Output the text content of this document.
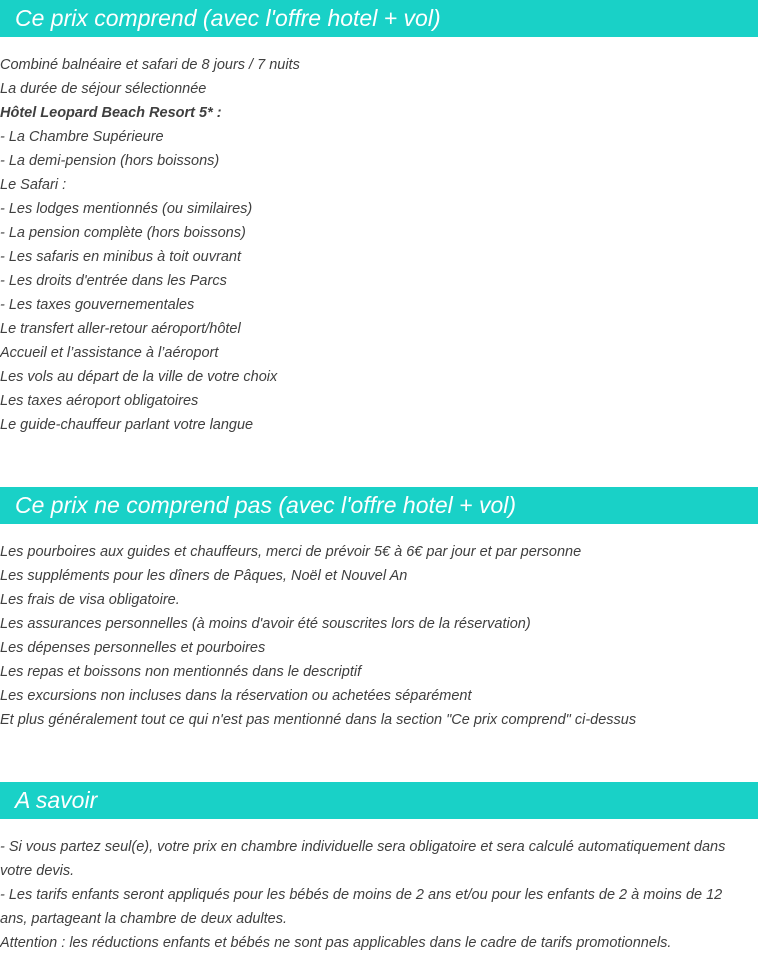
Ce prix comprend (avec l'offre hotel + vol)
Combiné balnéaire et safari de 8 jours / 7 nuits
La durée de séjour sélectionnée
Hôtel Leopard Beach Resort 5* :
- La Chambre Supérieure
- La demi-pension (hors boissons)
Le Safari :
- Les lodges mentionnés (ou similaires)
- La pension complète (hors boissons)
- Les safaris en minibus à toit ouvrant
- Les droits d'entrée dans les Parcs
- Les taxes gouvernementales
Le transfert aller-retour aéroport/hôtel
Accueil et l’assistance à l’aéroport
Les vols au départ de la ville de votre choix
Les taxes aéroport obligatoires
Le guide-chauffeur parlant votre langue
Ce prix ne comprend pas (avec l'offre hotel + vol)
Les pourboires aux guides et chauffeurs, merci de prévoir 5€ à 6€ par jour et par personne
Les suppléments pour les dîners de Pâques, Noël et Nouvel An
Les frais de visa obligatoire.
Les assurances personnelles (à moins d'avoir été souscrites lors de la réservation)
Les dépenses personnelles et pourboires
Les repas et boissons non mentionnés dans le descriptif
Les excursions non incluses dans la réservation ou achetées séparément
Et plus généralement tout ce qui n'est pas mentionné dans la section "Ce prix comprend" ci-dessus
A savoir

- Si vous partez seul(e), votre prix en chambre individuelle sera obligatoire et sera calculé automatiquement dans votre devis.

- Les tarifs enfants seront appliqués pour les bébés de moins de 2 ans et/ou pour les enfants de 2 à moins de 12 ans, partageant la chambre de deux adultes.

Attention : les réductions enfants et bébés ne sont pas applicables dans le cadre de tarifs promotionnels.
